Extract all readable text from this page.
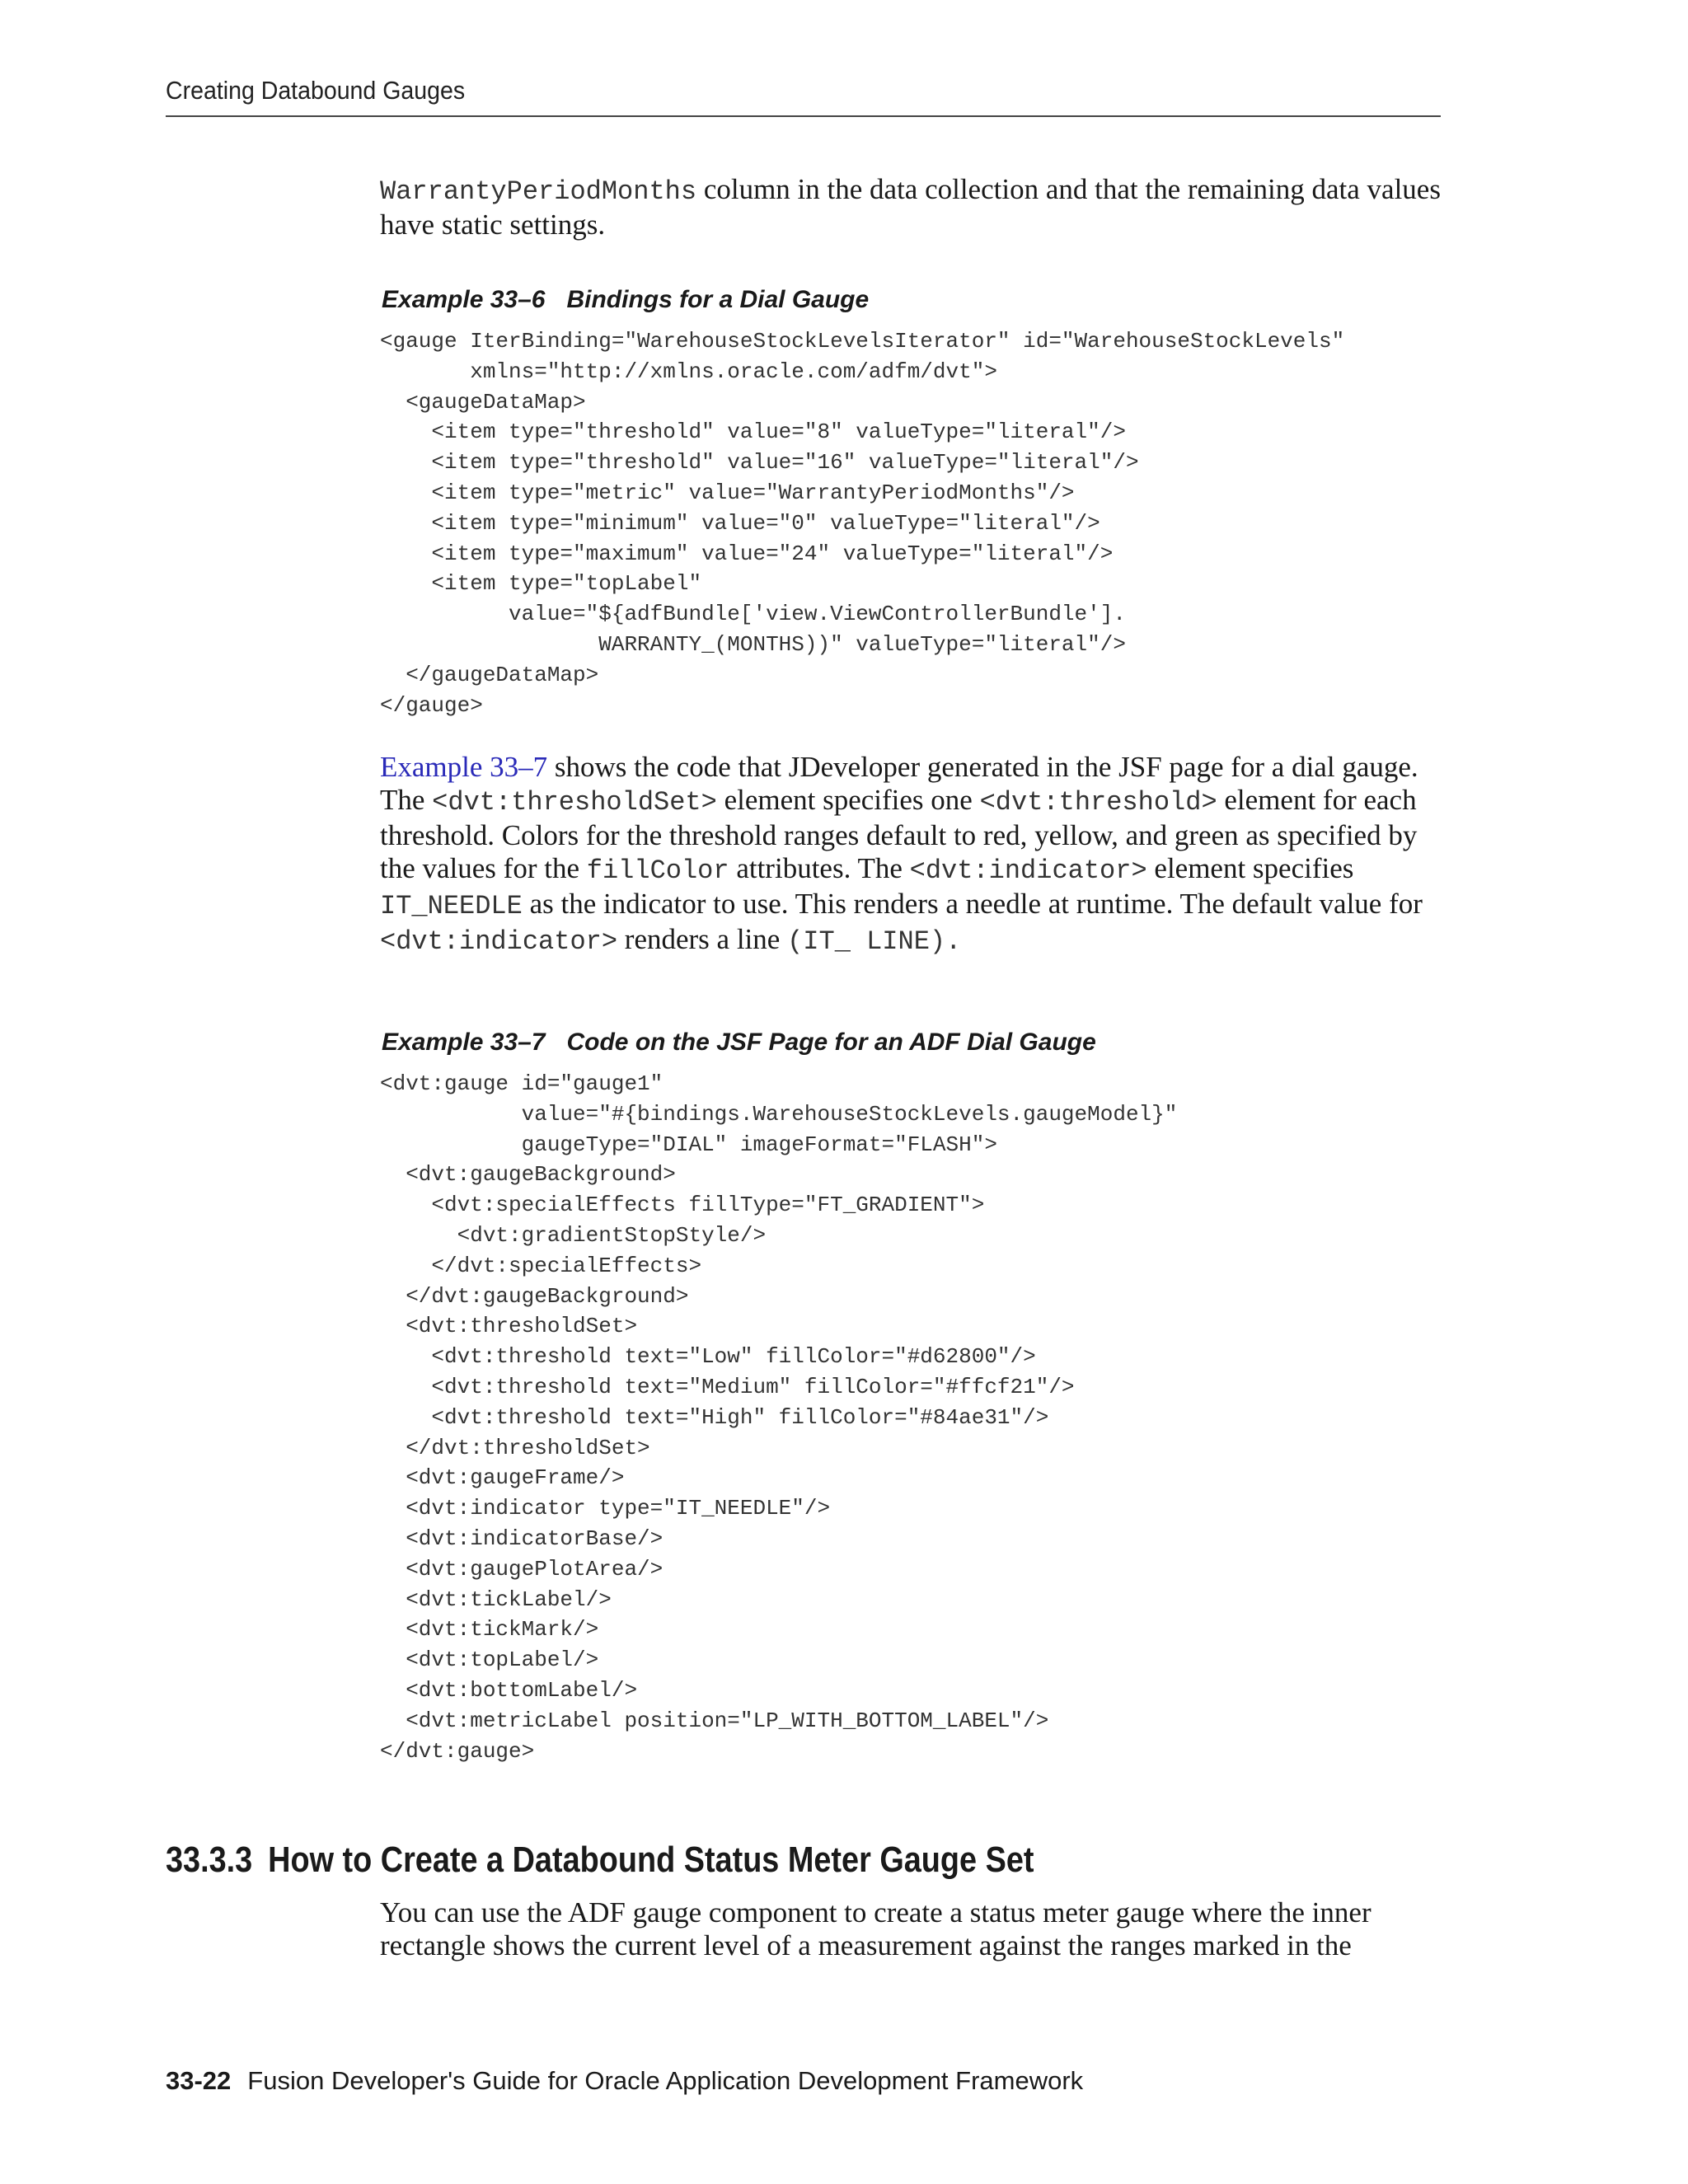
Creating Databound Gauges

WarrantyPeriodMonths column in the data collection and that the remaining data values have static settings.

Example 33–6 Bindings for a Dial Gauge
<gauge IterBinding="WarehouseStockLevelsIterator" id="WarehouseStockLevels"
xmlns="http://xmlns.oracle.com/adfm/dvt">
<gaugeDataMap>
<item type="threshold" value="8" valueType="literal"/>
<item type="threshold" value="16" valueType="literal"/>
<item type="metric" value="WarrantyPeriodMonths"/>
<item type="minimum" value="0" valueType="literal"/>
<item type="maximum" value="24" valueType="literal"/>
<item type="topLabel"
value="${adfBundle['view.ViewControllerBundle'].
WARRANTY_(MONTHS))" valueType="literal"/>
</gaugeDataMap>
</gauge>

Example 33–7 shows the code that JDeveloper generated in the JSF page for a dial gauge. The <dvt:thresholdSet> element specifies one <dvt:threshold> element for each threshold. Colors for the threshold ranges default to red, yellow, and green as specified by the values for the fillColor attributes. The <dvt:indicator> element specifies IT_NEEDLE as the indicator to use. This renders a needle at runtime. The default value for <dvt:indicator> renders a line (IT_ LINE).

Example 33–7 Code on the JSF Page for an ADF Dial Gauge
<dvt:gauge id="gauge1"
value="#{bindings.WarehouseStockLevels.gaugeModel}"
gaugeType="DIAL" imageFormat="FLASH">
<dvt:gaugeBackground>
<dvt:specialEffects fillType="FT_GRADIENT">
<dvt:gradientStopStyle/>
</dvt:specialEffects>
</dvt:gaugeBackground>
<dvt:thresholdSet>
<dvt:threshold text="Low" fillColor="#d62800"/>
<dvt:threshold text="Medium" fillColor="#ffcf21"/>
<dvt:threshold text="High" fillColor="#84ae31"/>
</dvt:thresholdSet>
<dvt:gaugeFrame/>
<dvt:indicator type="IT_NEEDLE"/>
<dvt:indicatorBase/>
<dvt:gaugePlotArea/>
<dvt:tickLabel/>
<dvt:tickMark/>
<dvt:topLabel/>
<dvt:bottomLabel/>
<dvt:metricLabel position="LP_WITH_BOTTOM_LABEL"/>
</dvt:gauge>
33.3.3 How to Create a Databound Status Meter Gauge Set

You can use the ADF gauge component to create a status meter gauge where the inner rectangle shows the current level of a measurement against the ranges marked in the

33-22 Fusion Developer's Guide for Oracle Application Development Framework
